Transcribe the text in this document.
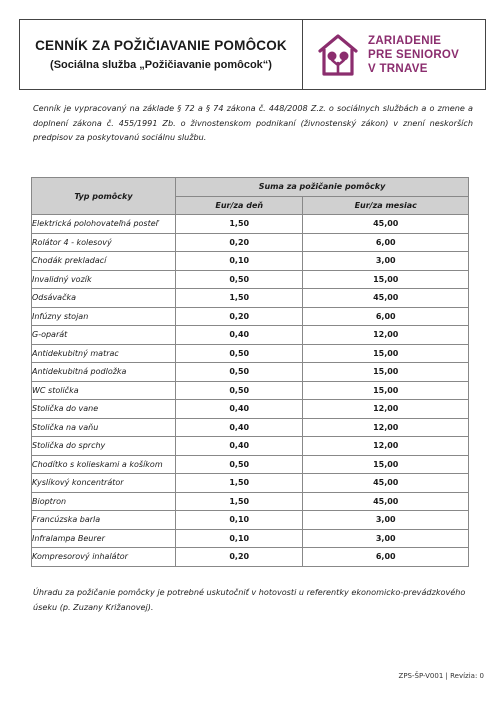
CENNÍK ZA POŽIČIAVANIE POMÔCOK
(Sociálna služba „Požičiavanie pomôcok“)
ZARIADENIE
PRE SENIOROV
V TRNAVE
Cenník je vypracovaný na základe § 72 a § 74 zákona č. 448/2008 Z.z. o sociálnych službách a o zmene a doplnení zákona č. 455/1991 Zb. o živnostenskom podnikaní (živnostenský zákon) v znení neskorších predpisov za poskytovanú sociálnu službu.
Typ pomôcky	Suma za požičanie pomôcky	
	Eur/za deň	Eur/za mesiac
Elektrická polohovateľná posteľ	1,50	45,00
Rolátor 4 - kolesový	0,20	6,00
Chodák prekladací	0,10	3,00
Invalidný vozík	0,50	15,00
Odsávačka	1,50	45,00
Infúzny stojan	0,20	6,00
G-oparát	0,40	12,00
Antidekubitný matrac	0,50	15,00
Antidekubitná podložka	0,50	15,00
WC stolička	0,50	15,00
Stolička do vane	0,40	12,00
Stolička na vaňu	0,40	12,00
Stolička do sprchy	0,40	12,00
Chodítko s kolieskami a košíkom	0,50	15,00
Kyslíkový koncentrátor	1,50	45,00
Bioptron	1,50	45,00
Francúzska barla	0,10	3,00
Infralampa Beurer	0,10	3,00
Kompresorový inhalátor	0,20	6,00
Úhradu za požičanie pomôcky je potrebné uskutočniť v hotovosti u referentky ekonomicko-prevádzkového úseku (p. Zuzany Križanovej).
ZPS-ŠP-V001 | Revízia: 0
